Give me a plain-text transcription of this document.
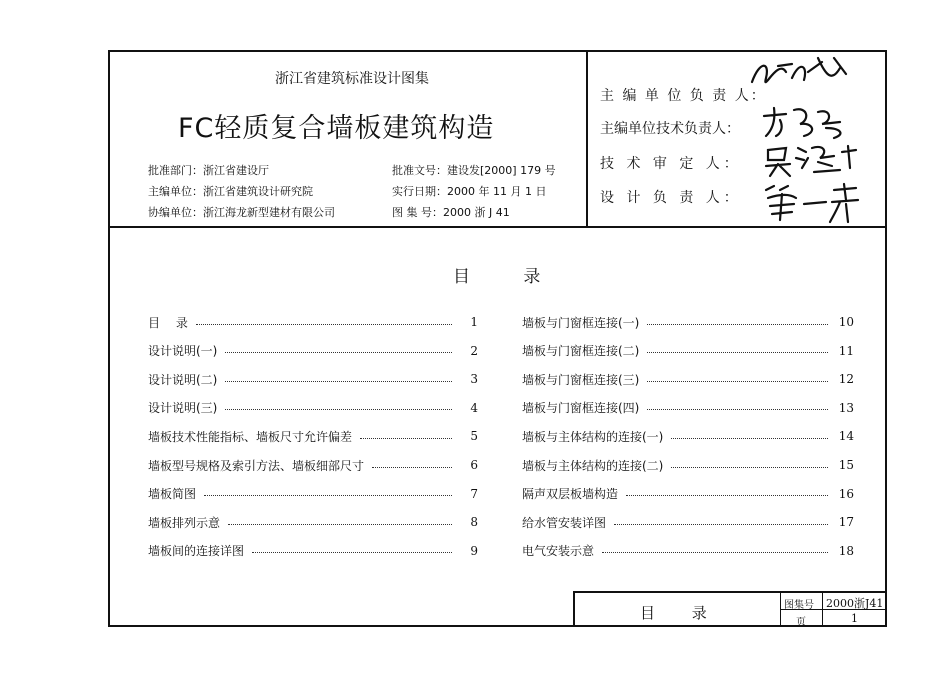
浙江省建筑标准设计图集
FC轻质复合墙板建筑构造
批准部门：浙江省建设厅
主编单位：浙江省建筑设计研究院
协编单位：浙江海龙新型建材有限公司
批准文号：建设发[2000] 179 号
实行日期：2000 年 11 月 1 日
图 集 号：2000 浙 J 41
主 编 单 位 负 责 人：
主编单位技术负责人：
技 术 审 定 人：
设 计 负 责 人：
目 录
目　 录	1
设计说明(一)	2
设计说明(二)	3
设计说明(三)	4
墙板技术性能指标、墙板尺寸允许偏差	5
墙板型号规格及索引方法、墙板细部尺寸	6
墙板简图	7
墙板排列示意	8
墙板间的连接详图	9
墙板与门窗框连接(一)	10
墙板与门窗框连接(二)	11
墙板与门窗框连接(三)	12
墙板与门窗框连接(四)	13
墙板与主体结构的连接(一)	14
墙板与主体结构的连接(二)	15
隔声双层板墙构造	16
给水管安装详图	17
电气安装示意	18
目 录	图集号 2000浙J41
页	1
